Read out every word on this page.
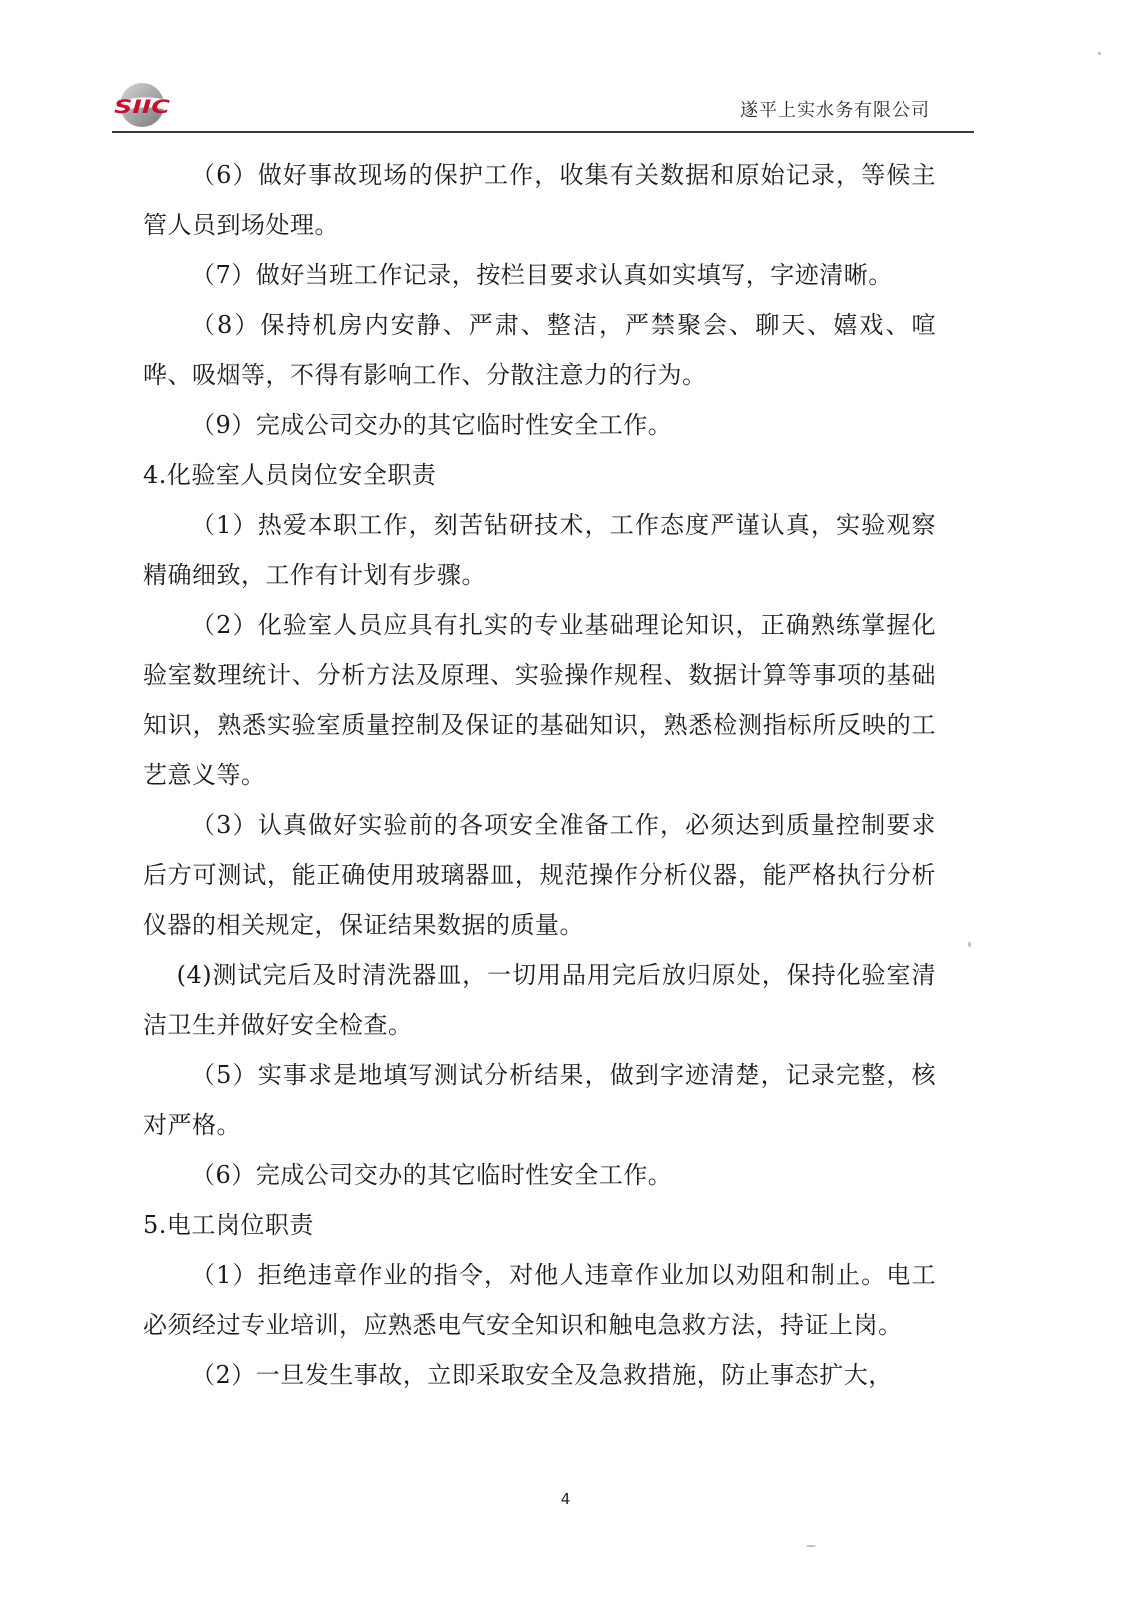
SIIC	遂平上实水务有限公司

（6）做好事故现场的保护工作，收集有关数据和原始记录，等候主管人员到场处理。

（7）做好当班工作记录，按栏目要求认真如实填写，字迹清晰。

（8）保持机房内安静、严肃、整洁，严禁聚会、聊天、嬉戏、喧哗、吸烟等，不得有影响工作、分散注意力的行为。

（9）完成公司交办的其它临时性安全工作。

4.化验室人员岗位安全职责

（1）热爱本职工作，刻苦钻研技术，工作态度严谨认真，实验观察精确细致，工作有计划有步骤。

（2）化验室人员应具有扎实的专业基础理论知识，正确熟练掌握化验室数理统计、分析方法及原理、实验操作规程、数据计算等事项的基础知识，熟悉实验室质量控制及保证的基础知识，熟悉检测指标所反映的工艺意义等。

（3）认真做好实验前的各项安全准备工作，必须达到质量控制要求后方可测试，能正确使用玻璃器皿，规范操作分析仪器，能严格执行分析仪器的相关规定，保证结果数据的质量。

(4)测试完后及时清洗器皿，一切用品用完后放归原处，保持化验室清洁卫生并做好安全检查。

（5）实事求是地填写测试分析结果，做到字迹清楚，记录完整，核对严格。

（6）完成公司交办的其它临时性安全工作。

5.电工岗位职责

（1）拒绝违章作业的指令，对他人违章作业加以劝阻和制止。电工必须经过专业培训，应熟悉电气安全知识和触电急救方法，持证上岗。

（2）一旦发生事故，立即采取安全及急救措施，防止事态扩大，

4
